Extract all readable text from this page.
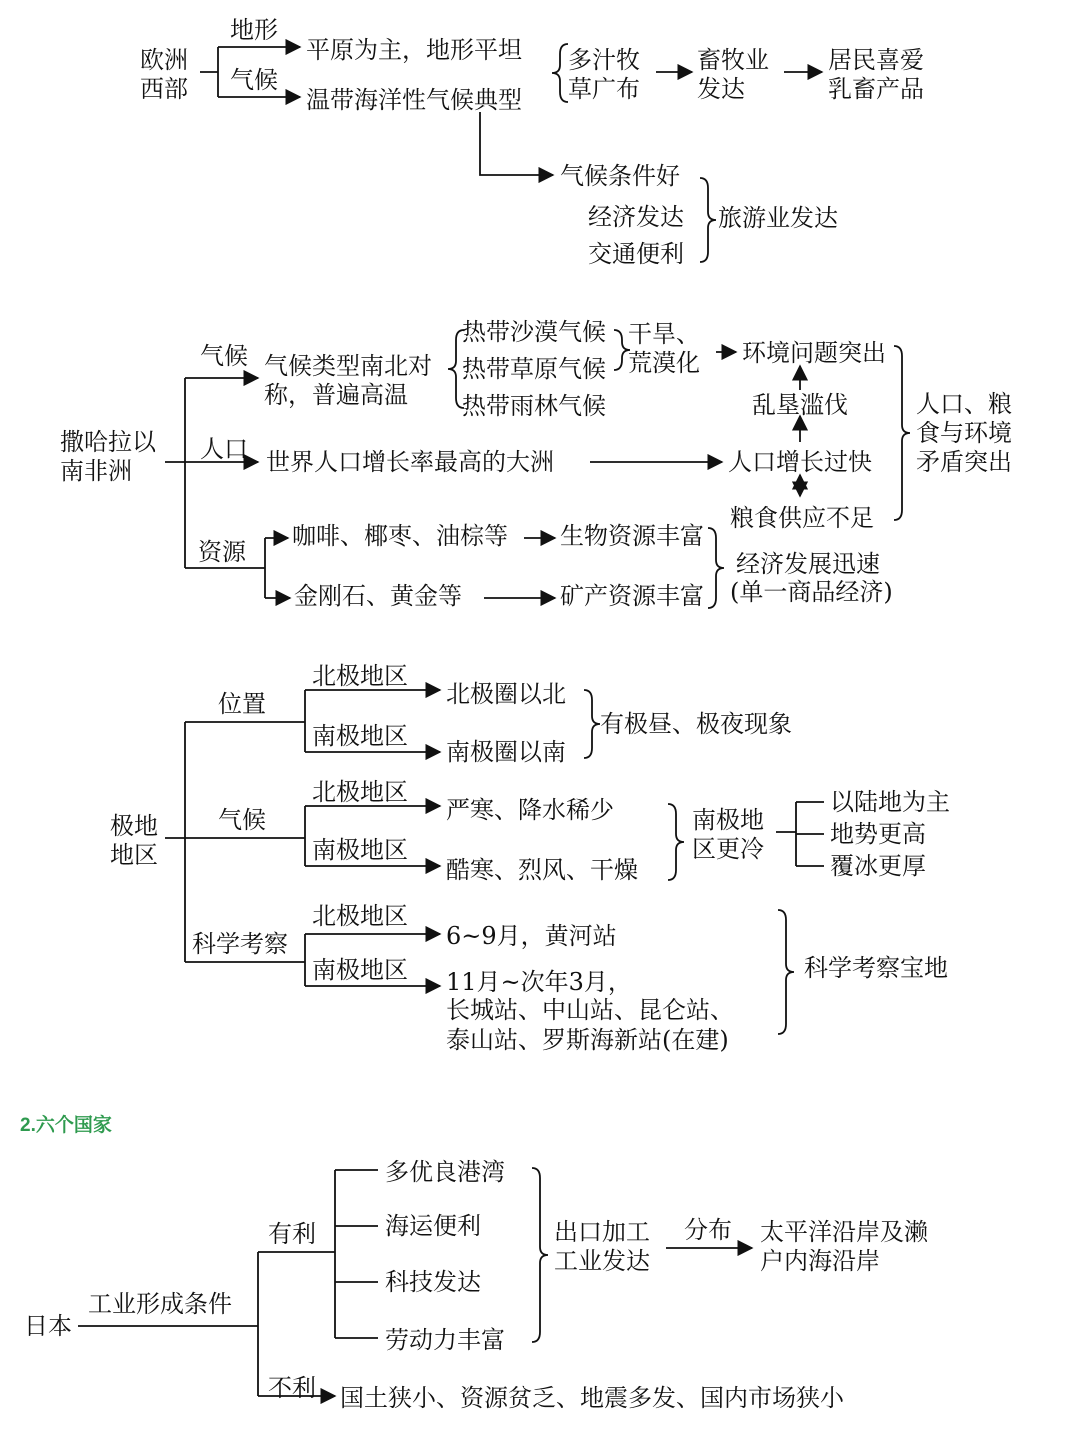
欧洲西部
地形
气候
平原为主，地形平坦
温带海洋性气候典型
多汁牧草广布
畜牧业发达
居民喜爱乳畜产品
气候条件好
经济发达
交通便利
旅游业发达
撒哈拉以南非洲
气候 气候类型南北对称，普遍高温
热带沙漠气候
热带草原气候
热带雨林气候
干旱、荒漠化	环境问题突出
乱垦滥伐
人口 世界人口增长率最高的大洲	人口增长过快
粮食供应不足
人口、粮食与环境矛盾突出
资源
咖啡、椰枣、油棕等 生物资源丰富
金刚石、黄金等	矿产资源丰富
经济发展迅速
(单一商品经济)
极地地区
位置
气候
科学考察
北极地区
南极地区
北极地区
南极地区
北极地区
南极地区
北极圈以北
南极圈以南
有极昼、极夜现象
严寒、降水稀少
酷寒、烈风、干燥
南极地区更冷
以陆地为主
地势更高
覆冰更厚
6~9月，黄河站
11月~次年3月，
长城站、中山站、昆仑站、
泰山站、罗斯海新站(在建)
科学考察宝地
2.六个国家
日本
工业形成条件
有利
多优良港湾
海运便利
科技发达
劳动力丰富
出口加工工业发达
分布 太平洋沿岸及濑户内海沿岸
不利 国土狭小、资源贫乏、地震多发、国内市场狭小
